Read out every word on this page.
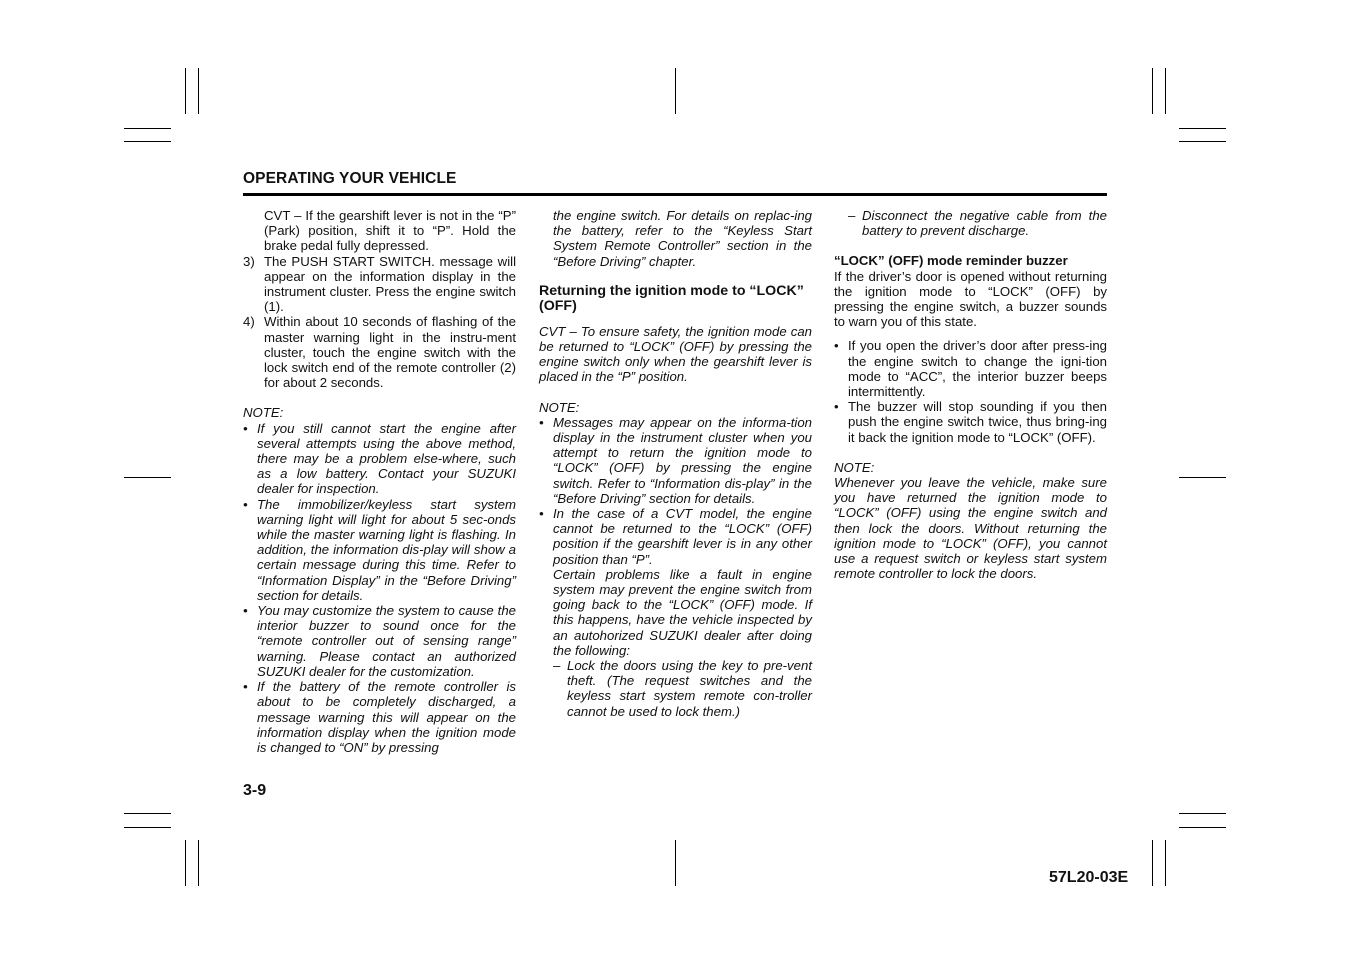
OPERATING YOUR VEHICLE

CVT – If the gearshift lever is not in the “P” (Park) position, shift it to “P”. Hold the brake pedal fully depressed.

3) The PUSH START SWITCH. message will appear on the information display in the instrument cluster. Press the engine switch (1).
4) Within about 10 seconds of flashing of the master warning light in the instru-ment cluster, touch the engine switch with the lock switch end of the remote controller (2) for about 2 seconds.

NOTE:

• If you still cannot start the engine after several attempts using the above method, there may be a problem else-where, such as a low battery. Contact your SUZUKI dealer for inspection.
• The immobilizer/keyless start system warning light will light for about 5 sec-onds while the master warning light is flashing. In addition, the information dis-play will show a certain message during this time. Refer to “Information Display” in the “Before Driving” section for details.
• You may customize the system to cause the interior buzzer to sound once for the “remote controller out of sensing range” warning. Please contact an authorized SUZUKI dealer for the customization.
• If the battery of the remote controller is about to be completely discharged, a message warning this will appear on the information display when the ignition mode is changed to “ON” by pressing

the engine switch. For details on replac-ing the battery, refer to the “Keyless Start System Remote Controller” section in the “Before Driving” chapter.

Returning the ignition mode to “LOCK” (OFF)

CVT – To ensure safety, the ignition mode can be returned to “LOCK” (OFF) by pressing the engine switch only when the gearshift lever is placed in the “P” position.

NOTE:

• Messages may appear on the informa-tion display in the instrument cluster when you attempt to return the ignition mode to “LOCK” (OFF) by pressing the engine switch. Refer to “Information dis-play” in the “Before Driving” section for details.
• In the case of a CVT model, the engine cannot be returned to the “LOCK” (OFF) position if the gearshift lever is in any other position than “P”.

Certain problems like a fault in engine system may prevent the engine switch from going back to the “LOCK” (OFF) mode. If this happens, have the vehicle inspected by an autohorized SUZUKI dealer after doing the following:

– Lock the doors using the key to pre-vent theft. (The request switches and the keyless start system remote con-troller cannot be used to lock them.)
– Disconnect the negative cable from the battery to prevent discharge.
“LOCK” (OFF) mode reminder buzzer

If the driver’s door is opened without returning the ignition mode to “LOCK” (OFF) by pressing the engine switch, a buzzer sounds to warn you of this state.

• If you open the driver’s door after press-ing the engine switch to change the igni-tion mode to “ACC”, the interior buzzer beeps intermittently.
• The buzzer will stop sounding if you then push the engine switch twice, thus bring-ing it back the ignition mode to “LOCK” (OFF).

NOTE:

Whenever you leave the vehicle, make sure you have returned the ignition mode to “LOCK” (OFF) using the engine switch and then lock the doors. Without returning the ignition mode to “LOCK” (OFF), you cannot use a request switch or keyless start system remote controller to lock the doors.

3-9
57L20-03E
